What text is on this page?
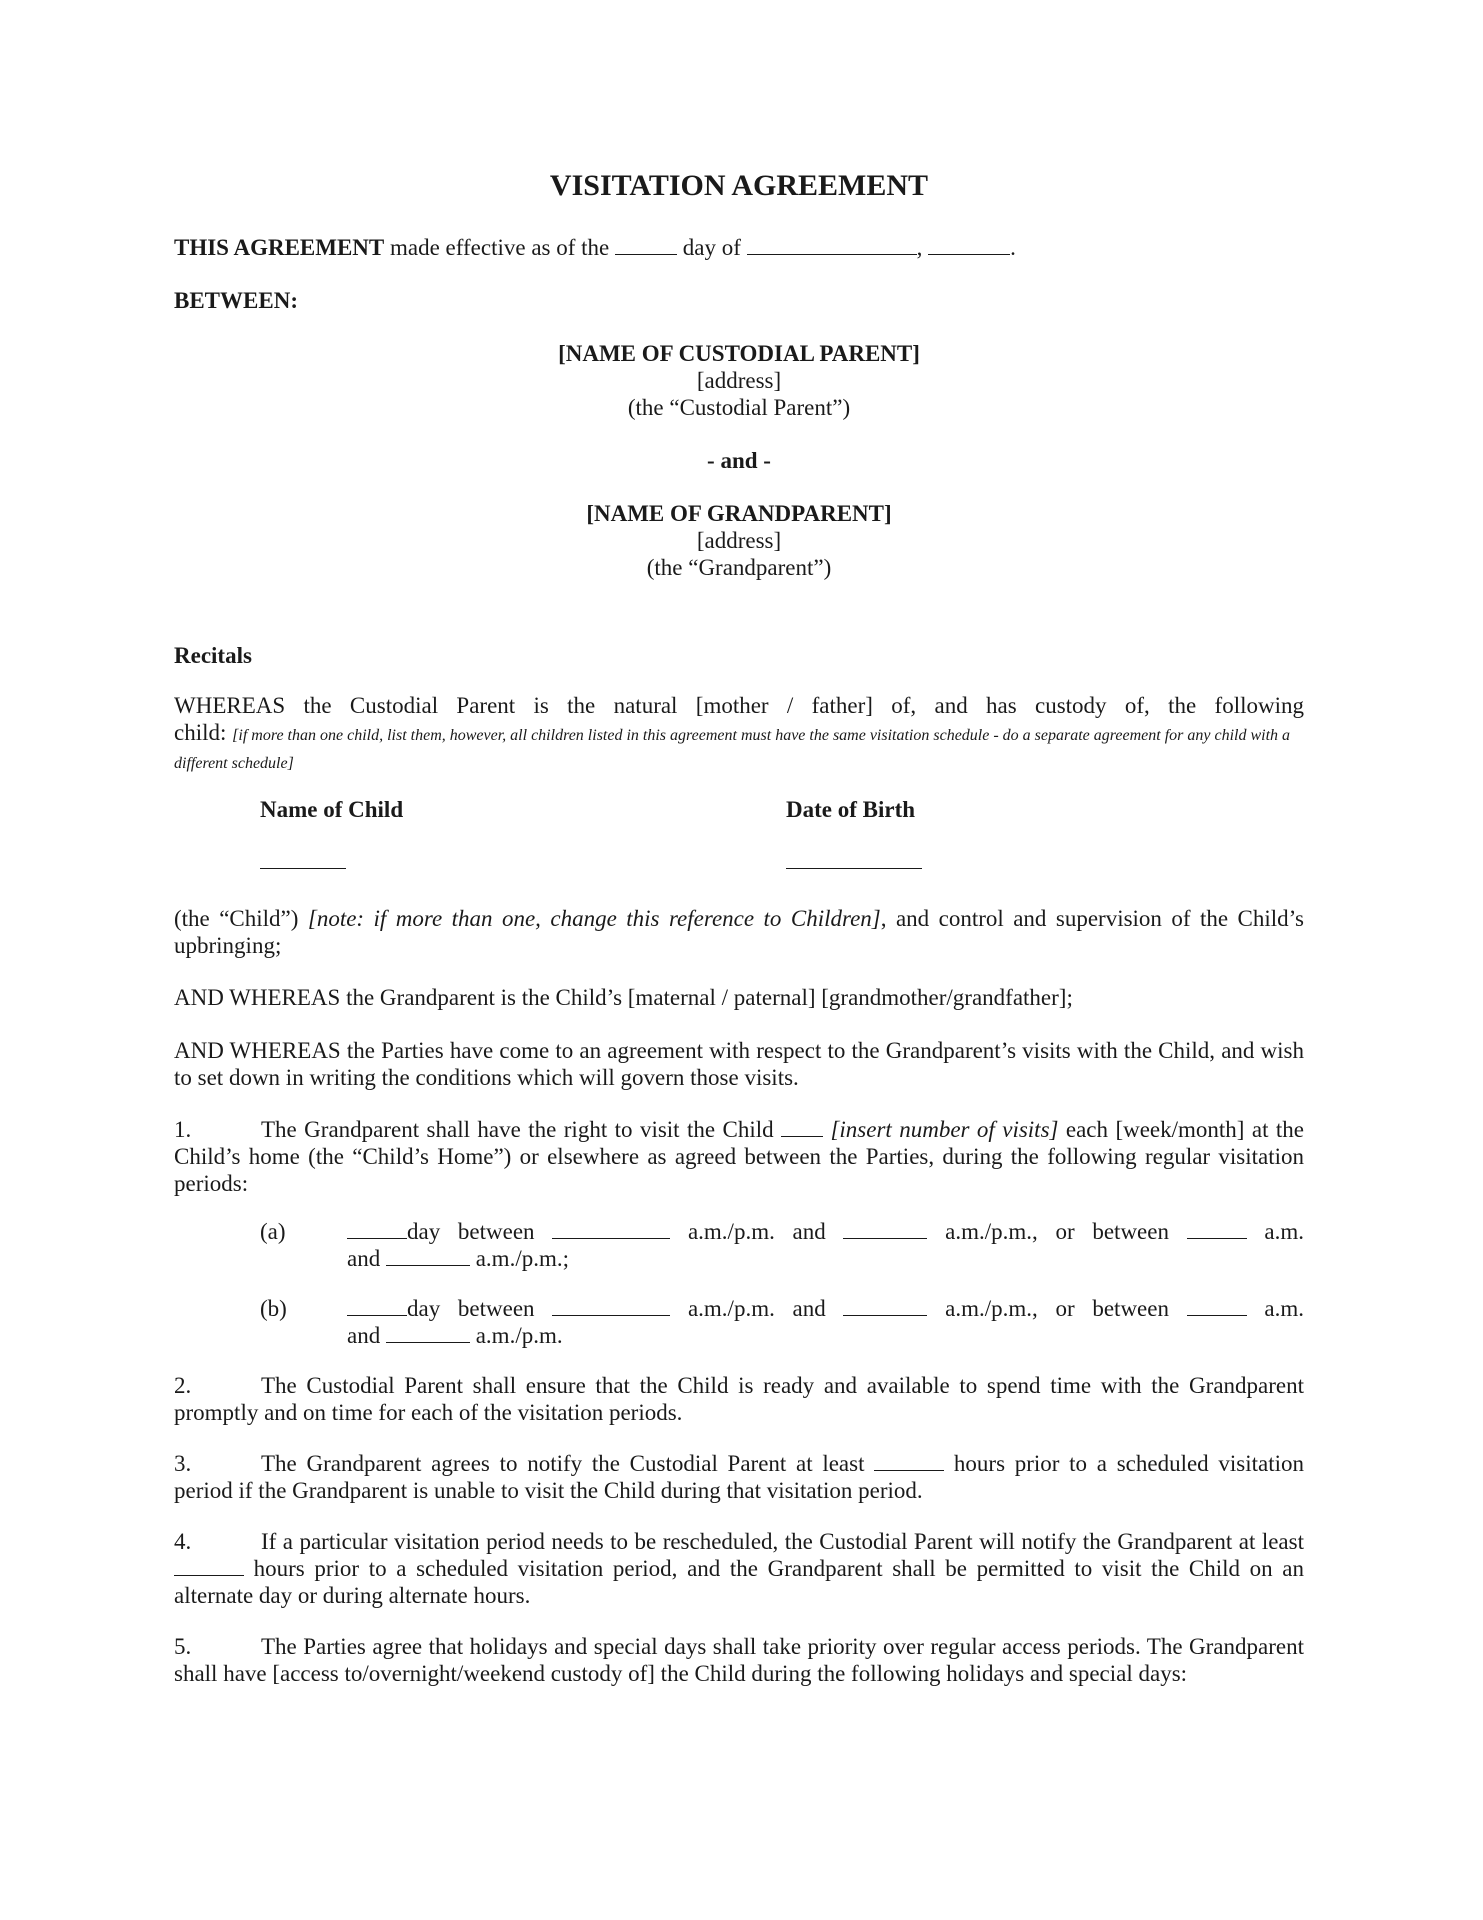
VISITATION AGREEMENT
THIS AGREEMENT made effective as of the	day of	,	.
BETWEEN:
[NAME OF CUSTODIAL PARENT]
[address]
(the “Custodial Parent”)
- and -
[NAME OF GRANDPARENT]
[address]
(the “Grandparent”)
Recitals
WHEREAS the Custodial Parent is the natural [mother / father] of, and has custody of, the following
child: [if more than one child, list them, however, all children listed in this agreement must have the same visitation schedule - do a separate agreement for any child with a different schedule]
Name of Child	Date of Birth
(the “Child”) [note: if more than one, change this reference to Children], and control and supervision of the Child’s upbringing;
AND WHEREAS the Grandparent is the Child’s [maternal / paternal] [grandmother/grandfather];
AND WHEREAS the Parties have come to an agreement with respect to the Grandparent’s visits with the Child, and wish to set down in writing the conditions which will govern those visits.
1.	The Grandparent shall have the right to visit the Child [insert number of visits] each [week/month] at the Child’s home (the “Child’s Home”) or elsewhere as agreed between the Parties, during the following regular visitation periods:
(a)	day between	a.m./p.m. and	a.m./p.m., or between	a.m.
and	a.m./p.m.;
(b)	day between	a.m./p.m. and	a.m./p.m., or between	a.m.
and	a.m./p.m.
2.	The Custodial Parent shall ensure that the Child is ready and available to spend time with the Grandparent promptly and on time for each of the visitation periods.
3.	The Grandparent agrees to notify the Custodial Parent at least	hours prior to a scheduled visitation period if the Grandparent is unable to visit the Child during that visitation period.
4.	If a particular visitation period needs to be rescheduled, the Custodial Parent will notify the Grandparent at least  hours prior to a scheduled visitation period, and the Grandparent shall be permitted to visit the Child on an alternate day or during alternate hours.
5.	The Parties agree that holidays and special days shall take priority over regular access periods. The Grandparent shall have [access to/overnight/weekend custody of] the Child during the following holidays and special days:
